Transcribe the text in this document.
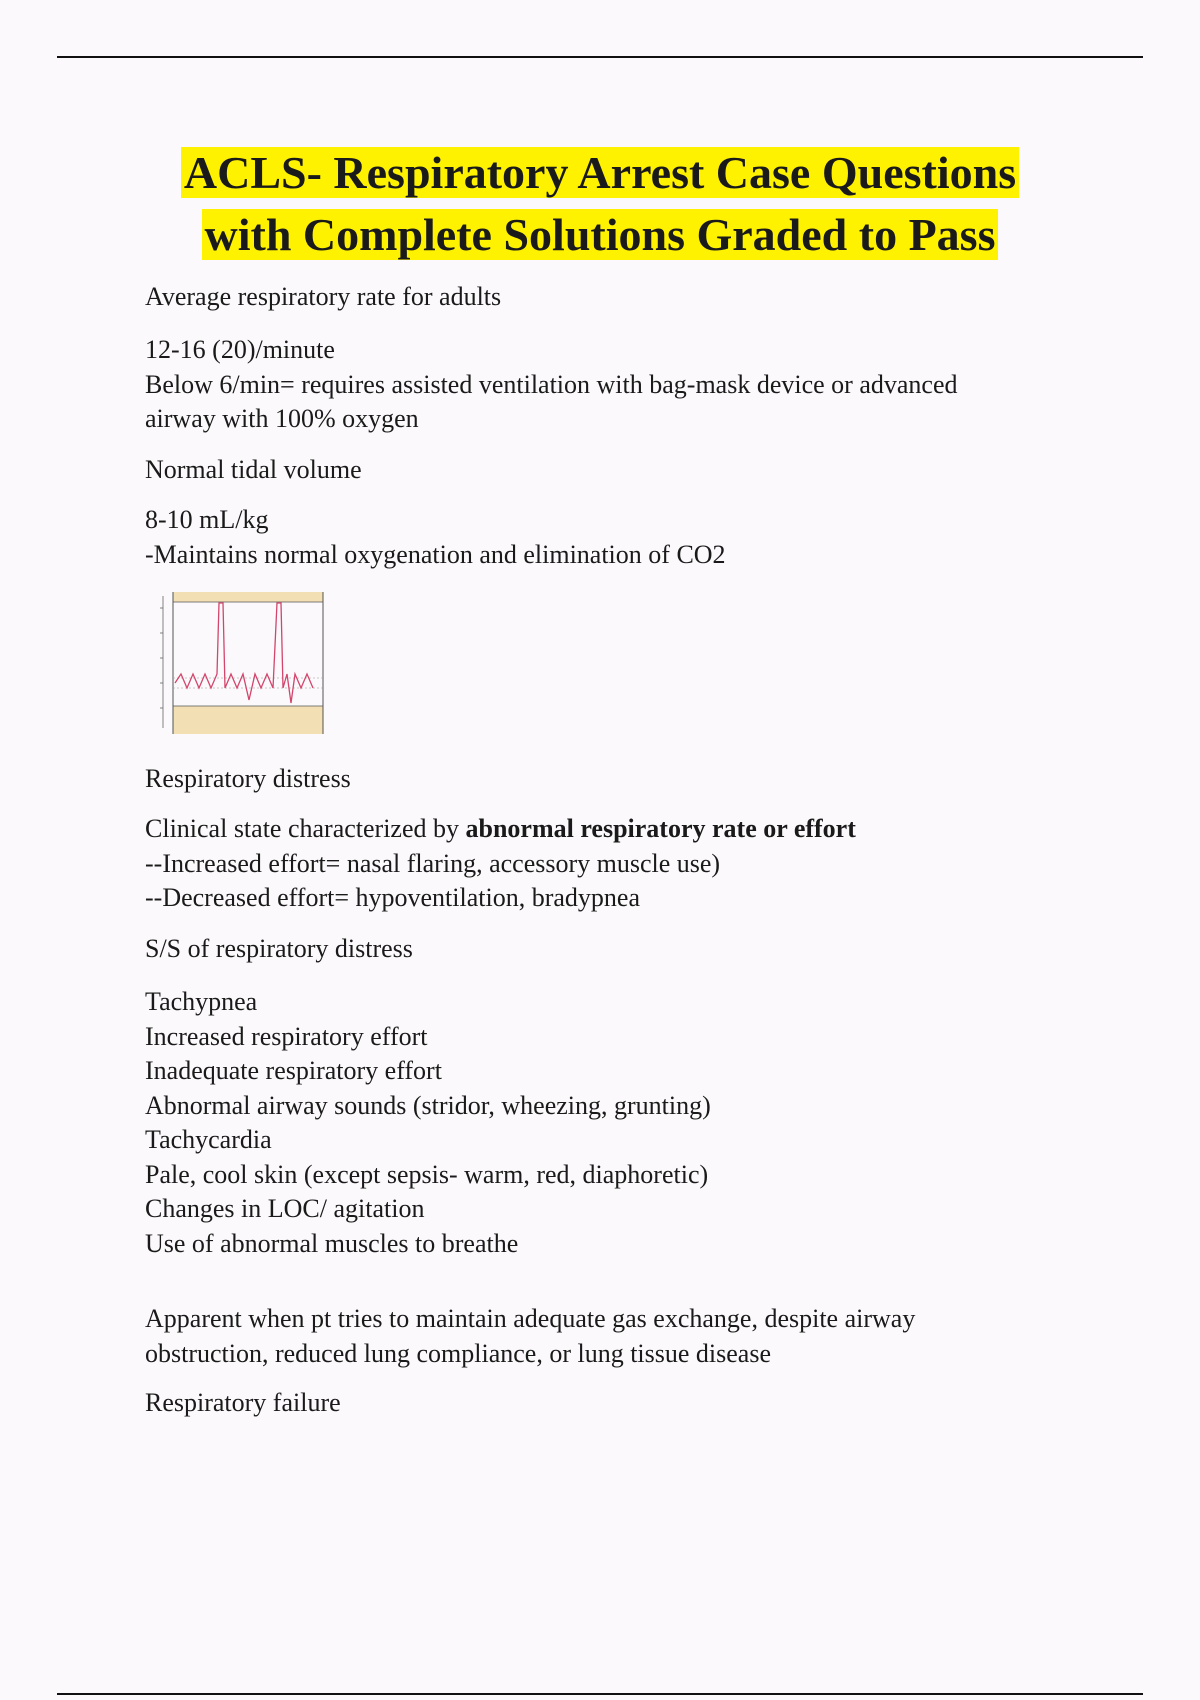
ACLS- Respiratory Arrest Case Questions
with Complete Solutions Graded to Pass

Average respiratory rate for adults

12-16 (20)/minute

Below 6/min= requires assisted ventilation with bag-mask device or advanced

airway with 100% oxygen

Normal tidal volume

8-10 mL/kg

-Maintains normal oxygenation and elimination of CO2

Respiratory distress

Clinical state characterized by abnormal respiratory rate or effort

--Increased effort= nasal flaring, accessory muscle use)

--Decreased effort= hypoventilation, bradypnea

S/S of respiratory distress

Tachypnea

Increased respiratory effort

Inadequate respiratory effort

Abnormal airway sounds (stridor, wheezing, grunting)

Tachycardia

Pale, cool skin (except sepsis- warm, red, diaphoretic)

Changes in LOC/ agitation

Use of abnormal muscles to breathe

Apparent when pt tries to maintain adequate gas exchange, despite airway

obstruction, reduced lung compliance, or lung tissue disease

Respiratory failure
